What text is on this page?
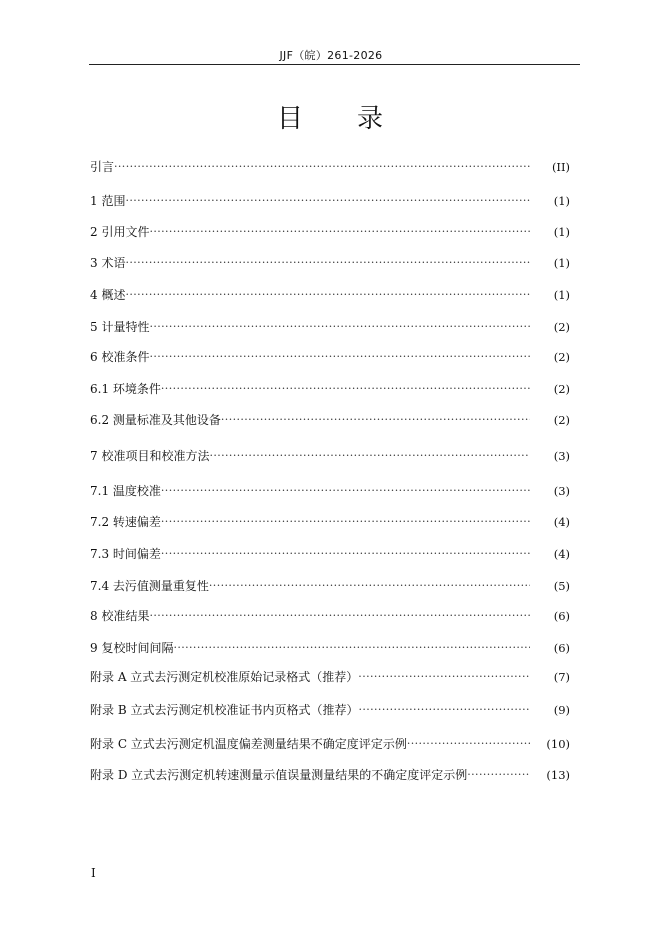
JJF（皖）261-2026
目 录
引言 ·····	(II)
1 范围 ·····	(1)
2 引用文件 ·····	(1)
3 术语 ·····	(1)
4 概述 ·····	(1)
5 计量特性 ·····	(2)
6 校准条件 ·····	(2)
6.1 环境条件 ·····	(2)
6.2 测量标准及其他设备 ·····	(2)
7 校准项目和校准方法 ·····	(3)
7.1 温度校准 ·····	(3)
7.2 转速偏差 ·····	(4)
7.3 时间偏差 ·····	(4)
7.4 去污值测量重复性 ·····	(5)
8 校准结果 ·····	(6)
9 复校时间间隔 ·····	(6)
附录 A 立式去污测定机校准原始记录格式（推荐） ·····	(7)
附录 B 立式去污测定机校准证书内页格式（推荐） ·····	(9)
附录 C 立式去污测定机温度偏差测量结果不确定度评定示例 ·····	(10)
附录 D 立式去污测定机转速测量示值误量测量结果的不确定度评定示例 ·····	(13)
I
